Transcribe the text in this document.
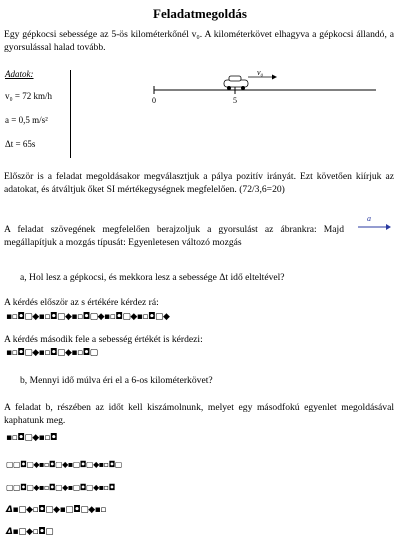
Feladatmegoldás
Egy gépkocsi sebessége az 5-ös kilométerkőnél v₀. A kilométerkövet elhagyva a gépkocsi állandó, a gyorsulással halad tovább.
Adatok:
v₀ = 72 km/h
a = 0,5 m/s²
Δt = 65s
v₀
0	5
Először is a feladat megoldásakor megválasztjuk a pálya pozitív irányát. Ezt követően kiírjuk az adatokat, és átváltjuk őket SI mértékegységnek megfelelően. (72/3,6=20)
A feladat szövegének megfelelően berajzoljuk a gyorsulást az ábrankra: Majd megállapítjuk a mozgás típusát: Egyenletesen változó mozgás
a
a, Hol lesz a gépkocsi, és mekkora lesz a sebessége Δt idő elteltével?
A kérdés először az s értékére kérdez rá:
▪▫◘▢◆▪▫◘▢◆▪▫◘▢◆▪▫◘▢◆▪▫◘▢◆
A kérdés második fele a sebesség értékét is kérdezi:
▪▫◘▢◆▪▫◘▢◆▪▫◘▢
b, Mennyi idő múlva éri el a 6-os kilométerkövet?
A feladat b, részében az időt kell kiszámolnunk, melyet egy másodfokú egyenlet megoldásával kaphatunk meg.
▪▫◘▢◆▪▫◘
▢▢◘▢◆▪▫◘▢◆▪▢◘▢◆▪▫◘▢
▢▢◘▢◆▪▫◘▢◆▪▢◘▢◆▪▫◘
Δ▪▢◆▫◘▢◆▪▢◘▢◆▪▫
Δ▪▢◆▫◘▢
